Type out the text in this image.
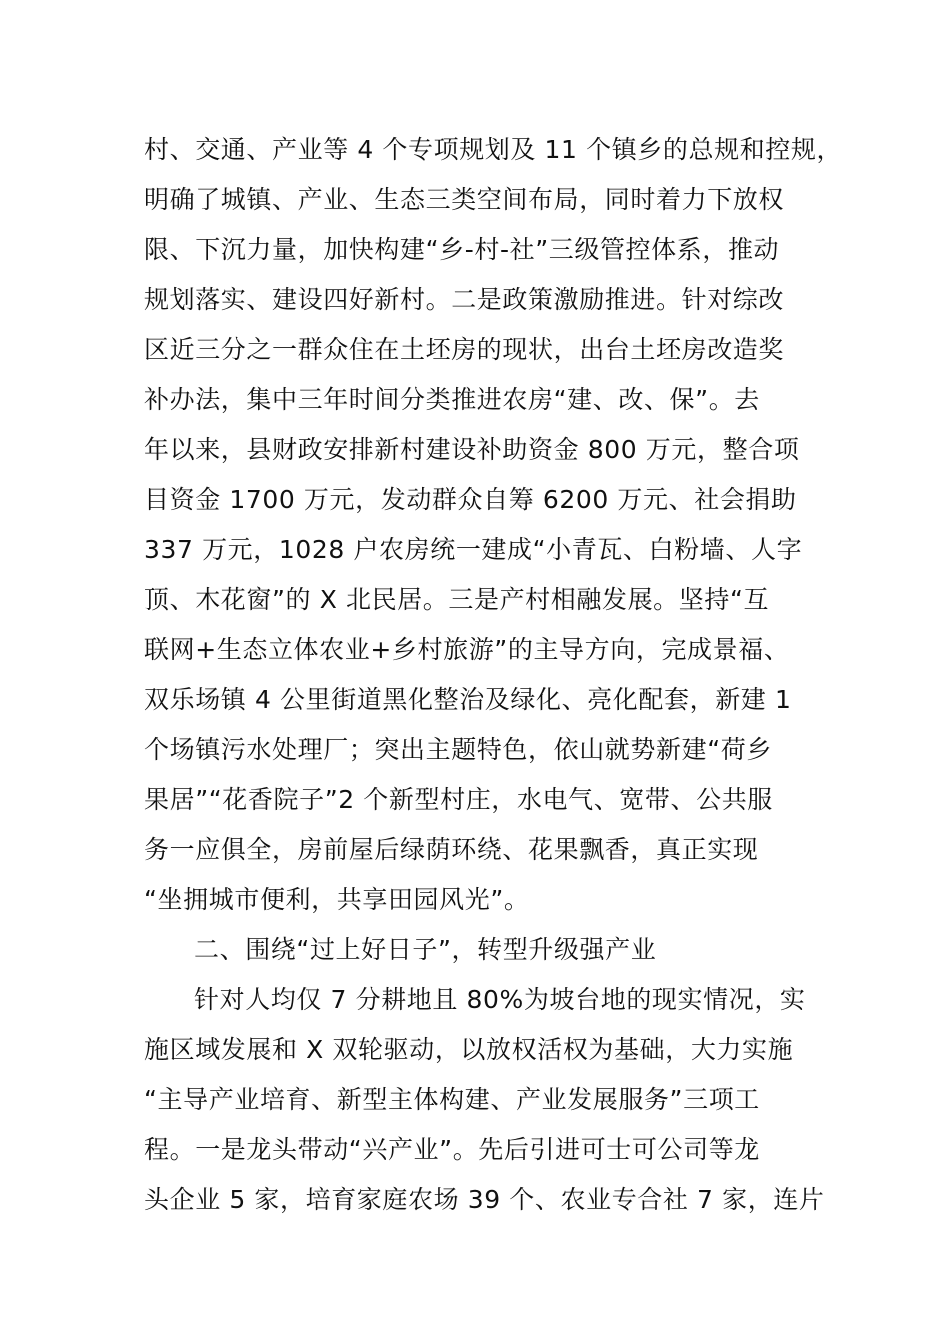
村、交通、产业等 4 个专项规划及 11 个镇乡的总规和控规，
明确了城镇、产业、生态三类空间布局，同时着力下放权
限、下沉力量，加快构建“乡-村-社”三级管控体系，推动
规划落实、建设四好新村。二是政策激励推进。针对综改
区近三分之一群众住在土坯房的现状，出台土坯房改造奖
补办法，集中三年时间分类推进农房“建、改、保”。去
年以来，县财政安排新村建设补助资金 800 万元，整合项
目资金 1700 万元，发动群众自筹 6200 万元、社会捐助
337 万元，1028 户农房统一建成“小青瓦、白粉墙、人字
顶、木花窗”的 X 北民居。三是产村相融发展。坚持“互
联网+生态立体农业+乡村旅游”的主导方向，完成景福、
双乐场镇 4 公里街道黑化整治及绿化、亮化配套，新建 1
个场镇污水处理厂；突出主题特色，依山就势新建“荷乡
果居”“花香院子”2 个新型村庄，水电气、宽带、公共服
务一应俱全，房前屋后绿荫环绕、花果飘香，真正实现
“坐拥城市便利，共享田园风光”。
二、围绕“过上好日子”，转型升级强产业
针对人均仅 7 分耕地且 80%为坡台地的现实情况，实
施区域发展和 X 双轮驱动，以放权活权为基础，大力实施
“主导产业培育、新型主体构建、产业发展服务”三项工
程。一是龙头带动“兴产业”。先后引进可士可公司等龙
头企业 5 家，培育家庭农场 39 个、农业专合社 7 家，连片
